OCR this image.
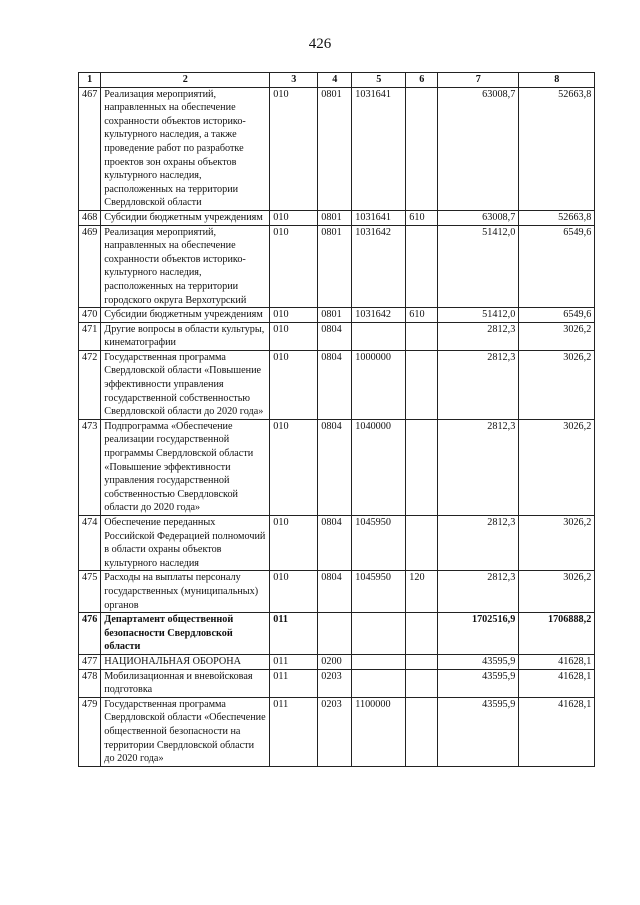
426
1	2	3	4	5	6	7	8
467	Реализация мероприятий, направленных на обеспечение сохранности объектов историко-культурного наследия, а также проведение работ по разработке проектов зон охраны объектов культурного наследия, расположенных на территории Свердловской области	010	0801	1031641		63008,7	52663,8
468	Субсидии бюджетным учреждениям	010	0801	1031641	610	63008,7	52663,8
469	Реализация мероприятий, направленных на обеспечение сохранности объектов историко-культурного наследия, расположенных на территории городского округа Верхотурский	010	0801	1031642		51412,0	6549,6
470	Субсидии бюджетным учреждениям	010	0801	1031642	610	51412,0	6549,6
471	Другие вопросы в области культуры, кинематографии	010	0804			2812,3	3026,2
472	Государственная программа Свердловской области «Повышение эффективности управления государственной собственностью Свердловской области до 2020 года»	010	0804	1000000		2812,3	3026,2
473	Подпрограмма «Обеспечение реализации государственной программы Свердловской области «Повышение эффективности управления государственной собственностью Свердловской области до 2020 года»	010	0804	1040000		2812,3	3026,2
474	Обеспечение переданных Российской Федерацией полномочий в области охраны объектов культурного наследия	010	0804	1045950		2812,3	3026,2
475	Расходы на выплаты персоналу государственных (муниципальных) органов	010	0804	1045950	120	2812,3	3026,2
476	Департамент общественной безопасности Свердловской области	011				1702516,9	1706888,2
477	НАЦИОНАЛЬНАЯ ОБОРОНА	011	0200			43595,9	41628,1
478	Мобилизационная и вневойсковая подготовка	011	0203			43595,9	41628,1
479	Государственная программа Свердловской области «Обеспечение общественной безопасности на территории Свердловской области до 2020 года»	011	0203	1100000		43595,9	41628,1
